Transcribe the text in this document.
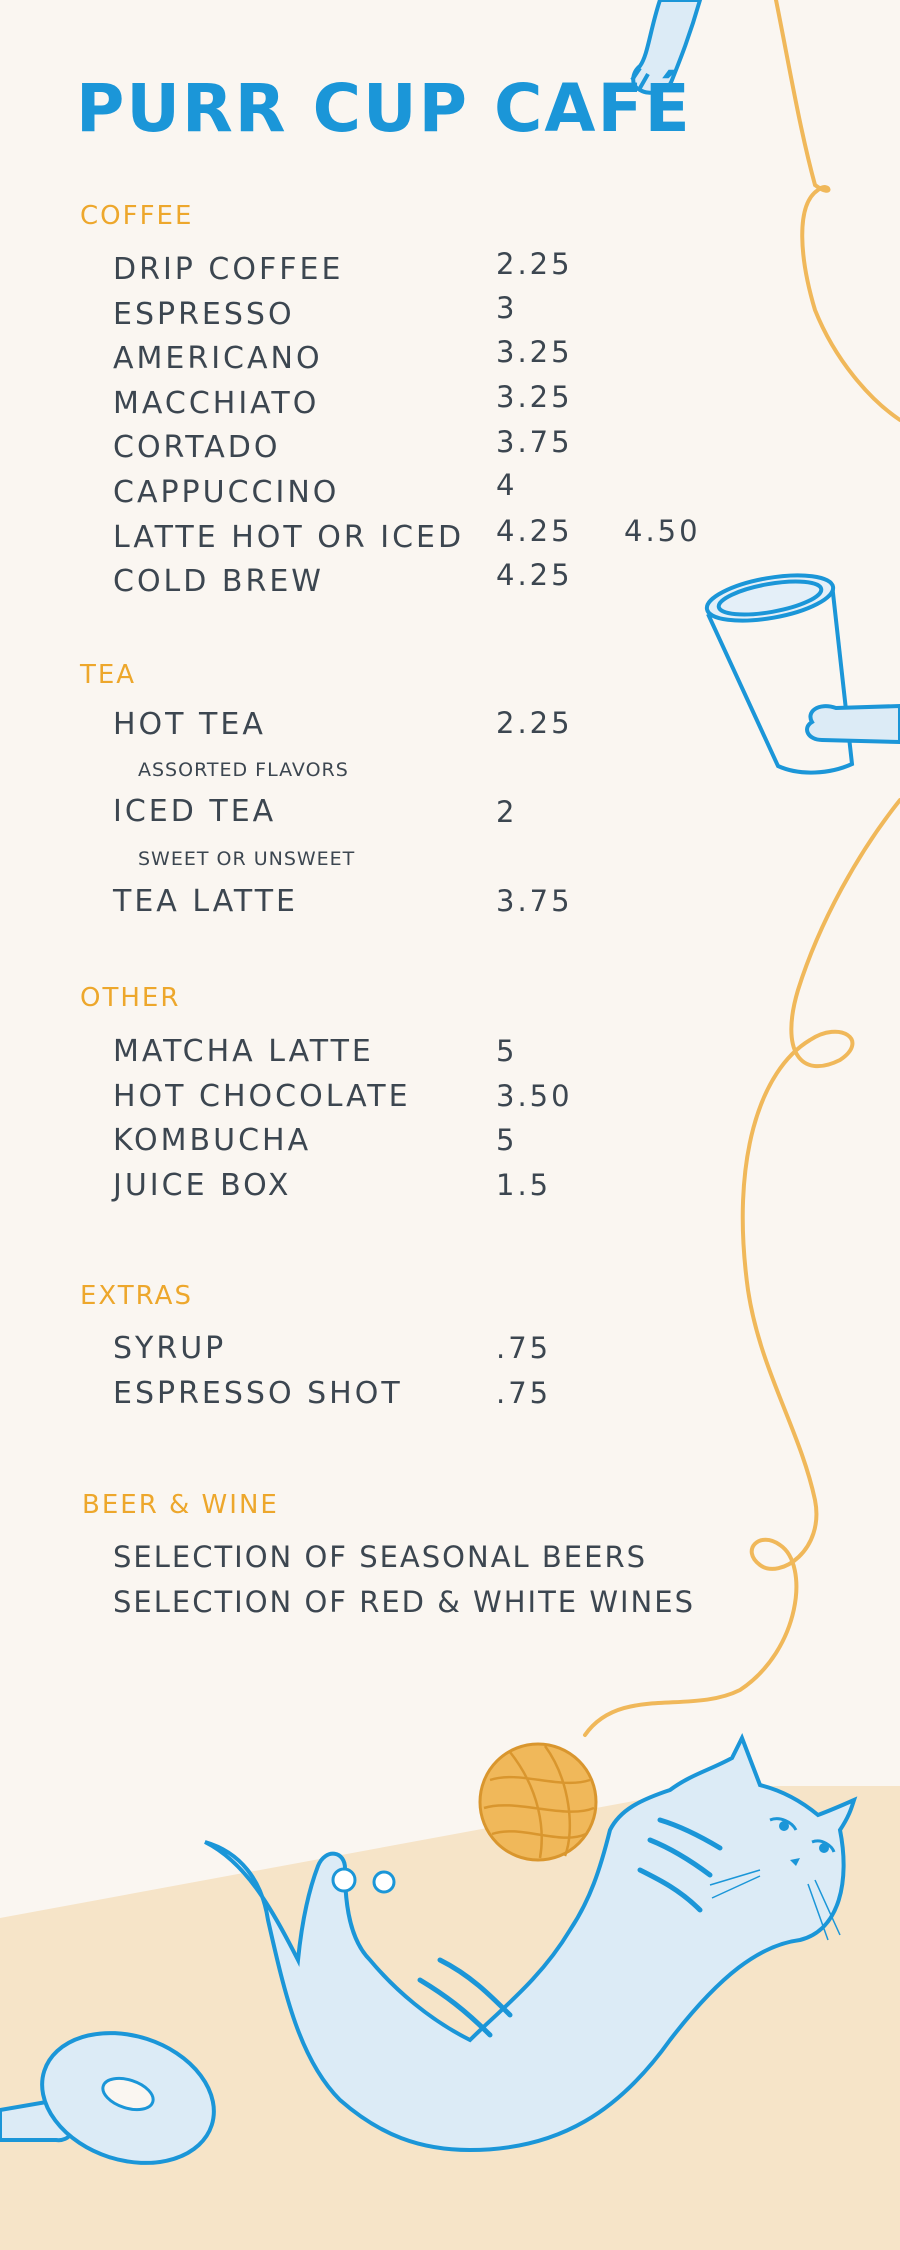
PURR CUP CAFÉ
COFFEE
DRIP COFFEE	2.25
ESPRESSO	3
AMERICANO	3.25
MACCHIATO	3.25
CORTADO	3.75
CAPPUCCINO	4
LATTE HOT OR ICED 4.25 4.50
COLD BREW	4.25
TEA
HOT TEA	2.25
ASSORTED FLAVORS
ICED TEA	2
SWEET OR UNSWEET
TEA LATTE	3.75
OTHER
MATCHA LATTE	5
HOT CHOCOLATE	3.50
KOMBUCHA	5
JUICE BOX	1.5
EXTRAS
SYRUP	.75
ESPRESSO SHOT	.75
BEER & WINE
SELECTION OF SEASONAL BEERS
SELECTION OF RED & WHITE WINES
